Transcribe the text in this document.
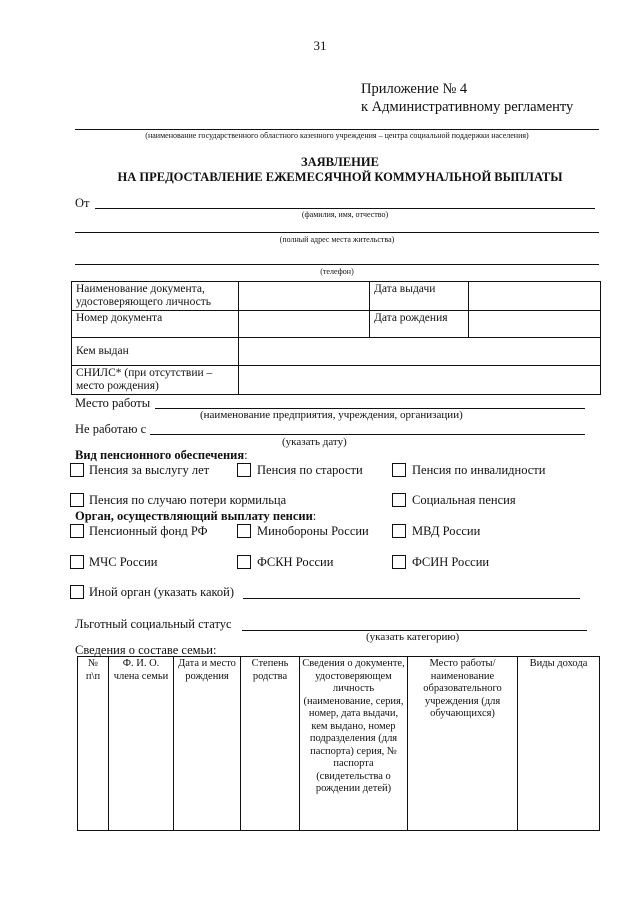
31
Приложение № 4
к Административному регламенту
(наименование государственного областного казенного учреждения – центра социальной поддержки населения)
ЗАЯВЛЕНИЕ
НА ПРЕДОСТАВЛЕНИЕ ЕЖЕМЕСЯЧНОЙ КОММУНАЛЬНОЙ ВЫПЛАТЫ
От
(фамилия, имя, отчество)
(полный адрес места жительства)
(телефон)
Наименование документа, удостоверяющего личность		Дата выдачи	
Номер документа		Дата рождения	
Кем выдан			
СНИЛС* (при отсутствии – место рождения)			
Место работы
(наименование предприятия, учреждения, организации)
Не работаю с
(указать дату)
Вид пенсионного обеспечения:
Пенсия за выслугу лет	Пенсия по старости	Пенсия по инвалидности
Пенсия по случаю потери кормильца	Социальная пенсия
Орган, осуществляющий выплату пенсии:
Пенсионный фонд РФ	Минобороны России	МВД России
МЧС России	ФСКН России	ФСИН России
Иной орган (указать какой)
Льготный социальный статус
(указать категорию)
Сведения о составе семьи:
№ п\п	Ф. И. О. члена семьи	Дата и место рождения	Степень родства	Сведения о документе, удостоверяющем личность (наименование, серия, номер, дата выдачи, кем выдано, номер подразделения (для паспорта) серия, № паспорта (свидетельства о рождении детей)	Место работы/ наименование образовательного учреждения (для обучающихся)	Виды дохода
